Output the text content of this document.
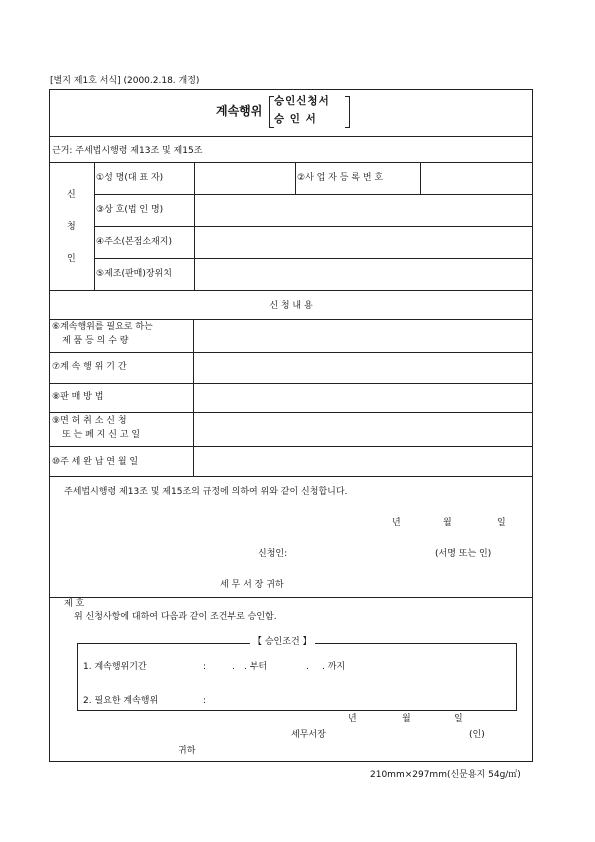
[별지 제1호 서식] (2000.2.18. 개정)
계속행위
승인신청서
승 인 서
근거: 주세법시행령 제13조 및 제15조
신
청
인
①성 명(대 표 자)	②사 업 자 등 록 번 호
③상 호(법 인 명)
④주소(본점소재지)
⑤제조(판매)장위치
신 청 내 용
⑥계속행위를 필요로 하는
제 품 등 의 수 량
⑦계 속 행 위 기 간
⑧판 매 방 법
⑨면 허 취 소 신 청
또 는 폐 지 신 고 일
⑩주 세 완 납 연 월 일
주세법시행령 제13조 및 제15조의 규정에 의하여 위와 같이 신청합니다.
년	월	일
신청인:	(서명 또는 인)
세 무 서 장 귀하
제 호
위 신청사항에 대하여 다음과 같이 조건부로 승인함.
년	월	일
세무서장	(인)
귀하
【 승인조건 】
1. 계속행위기간	:	. . 부터	. . 까지
2. 필요한 계속행위	:
210mm×297mm(신문용지 54g/㎡)
